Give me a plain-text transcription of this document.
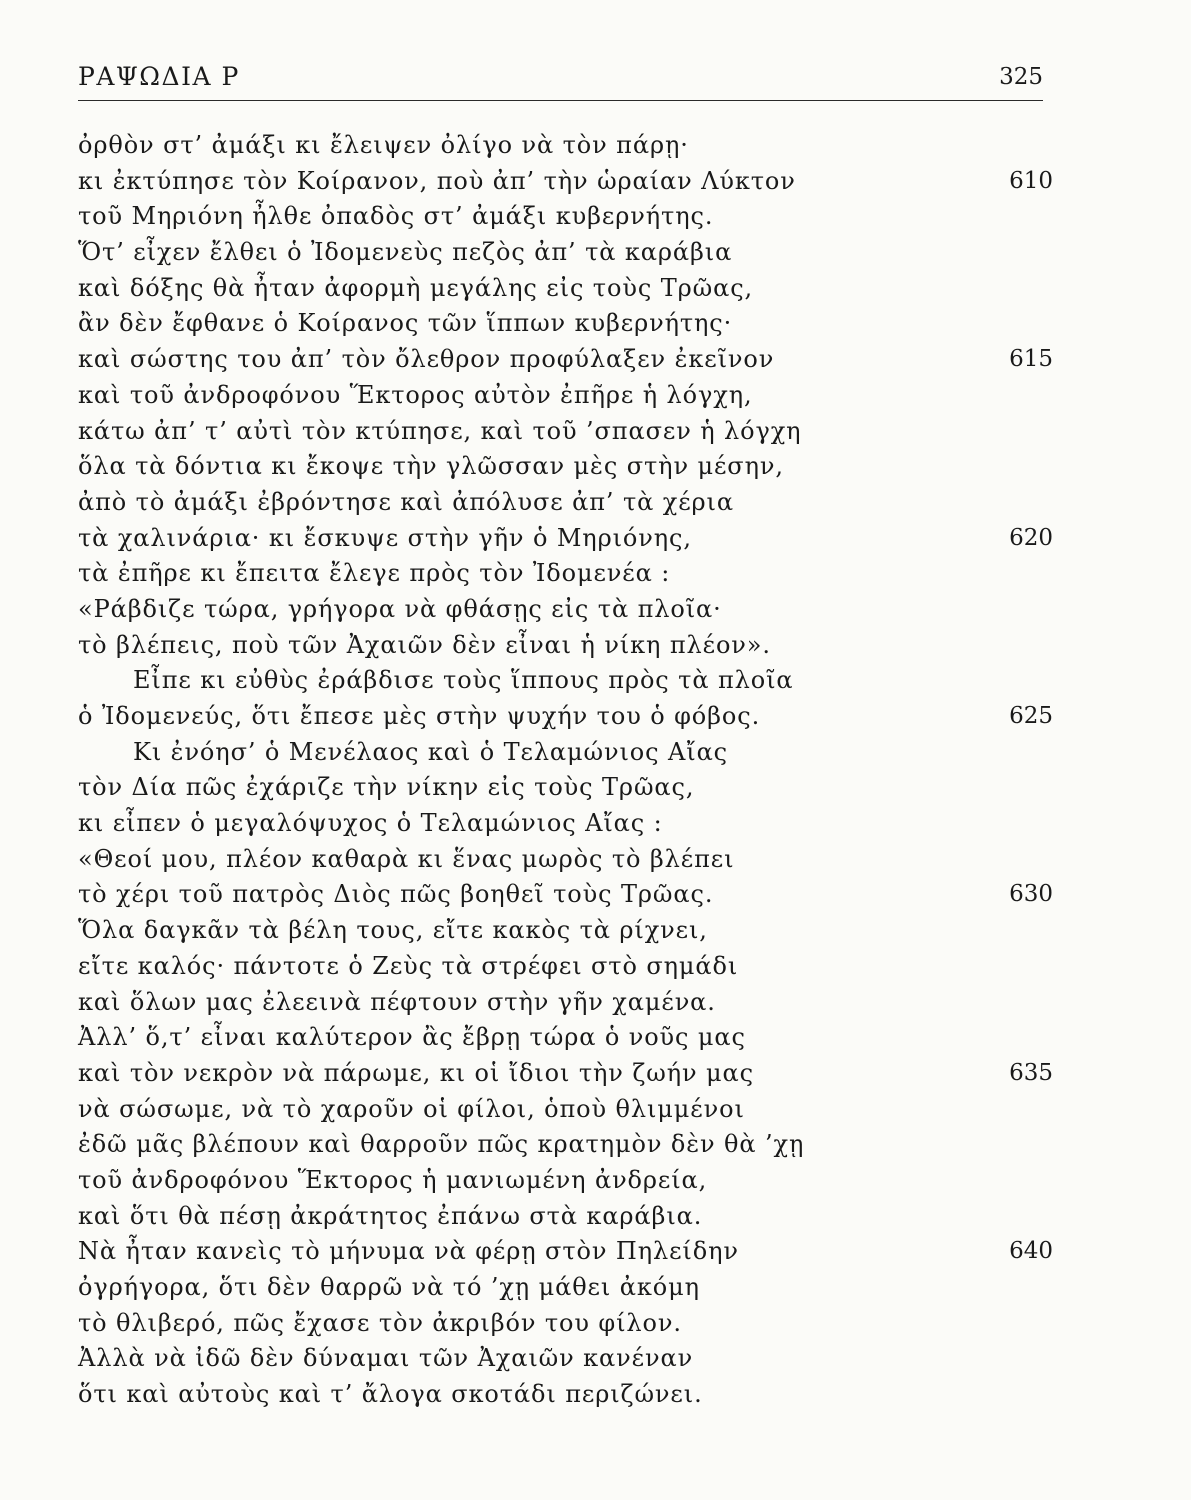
ΡΑΨΩΔΙΑ Ρ	325
ὀρθὸν στ’ ἀμάξι κι ἔλειψεν ὀλίγο νὰ τὸν πάρῃ·
κι ἐκτύπησε τὸν Κοίρανον, ποὺ ἀπ’ τὴν ὡραίαν Λύκτον	610
τοῦ Μηριόνη ἦλθε ὀπαδὸς στ’ ἀμάξι κυβερνήτης.
Ὅτ’ εἶχεν ἔλθει ὁ Ἰδομενεὺς πεζὸς ἀπ’ τὰ καράβια
καὶ δόξης θὰ ἦταν ἀφορμὴ μεγάλης εἰς τοὺς Τρῶας,
ἂν δὲν ἔφθανε ὁ Κοίρανος τῶν ἵππων κυβερνήτης·
καὶ σώστης του ἀπ’ τὸν ὄλεθρον προφύλαξεν ἐκεῖνον	615
καὶ τοῦ ἀνδροφόνου Ἕκτορος αὐτὸν ἐπῆρε ἡ λόγχη,
κάτω ἀπ’ τ’ αὐτὶ τὸν κτύπησε, καὶ τοῦ ’σπασεν ἡ λόγχη
ὅλα τὰ δόντια κι ἔκοψε τὴν γλῶσσαν μὲς στὴν μέσην,
ἀπὸ τὸ ἀμάξι ἐβρόντησε καὶ ἀπόλυσε ἀπ’ τὰ χέρια
τὰ χαλινάρια· κι ἔσκυψε στὴν γῆν ὁ Μηριόνης,	620
τὰ ἐπῆρε κι ἔπειτα ἔλεγε πρὸς τὸν Ἰδομενέα :
«Ράβδιζε τώρα, γρήγορα νὰ φθάσῃς εἰς τὰ πλοῖα·
τὸ βλέπεις, ποὺ τῶν Ἀχαιῶν δὲν εἶναι ἡ νίκη πλέον».
Εἶπε κι εὐθὺς ἐράβδισε τοὺς ἵππους πρὸς τὰ πλοῖα
ὁ Ἰδομενεύς, ὅτι ἔπεσε μὲς στὴν ψυχήν του ὁ φόβος.	625
Κι ἐνόησ’ ὁ Μενέλαος καὶ ὁ Τελαμώνιος Αἴας
τὸν Δία πῶς ἐχάριζε τὴν νίκην εἰς τοὺς Τρῶας,
κι εἶπεν ὁ μεγαλόψυχος ὁ Τελαμώνιος Αἴας :
«Θεοί μου, πλέον καθαρὰ κι ἕνας μωρὸς τὸ βλέπει
τὸ χέρι τοῦ πατρὸς Διὸς πῶς βοηθεῖ τοὺς Τρῶας.	630
Ὅλα δαγκᾶν τὰ βέλη τους, εἴτε κακὸς τὰ ρίχνει,
εἴτε καλός· πάντοτε ὁ Ζεὺς τὰ στρέφει στὸ σημάδι
καὶ ὅλων μας ἐλεεινὰ πέφτουν στὴν γῆν χαμένα.
Ἀλλ’ ὅ,τ’ εἶναι καλύτερον ἂς ἔβρῃ τώρα ὁ νοῦς μας
καὶ τὸν νεκρὸν νὰ πάρωμε, κι οἱ ἴδιοι τὴν ζωήν μας	635
νὰ σώσωμε, νὰ τὸ χαροῦν οἱ φίλοι, ὁποὺ θλιμμένοι
ἐδῶ μᾶς βλέπουν καὶ θαρροῦν πῶς κρατημὸν δὲν θὰ ’χῃ
τοῦ ἀνδροφόνου Ἕκτορος ἡ μανιωμένη ἀνδρεία,
καὶ ὅτι θὰ πέσῃ ἀκράτητος ἐπάνω στὰ καράβια.
Νὰ ἦταν κανεὶς τὸ μήνυμα νὰ φέρῃ στὸν Πηλείδην	640
ὀγρήγορα, ὅτι δὲν θαρρῶ νὰ τό ’χῃ μάθει ἀκόμη
τὸ θλιβερό, πῶς ἔχασε τὸν ἀκριβόν του φίλον.
Ἀλλὰ νὰ ἰδῶ δὲν δύναμαι τῶν Ἀχαιῶν κανέναν
ὅτι καὶ αὐτοὺς καὶ τ’ ἄλογα σκοτάδι περιζώνει.
